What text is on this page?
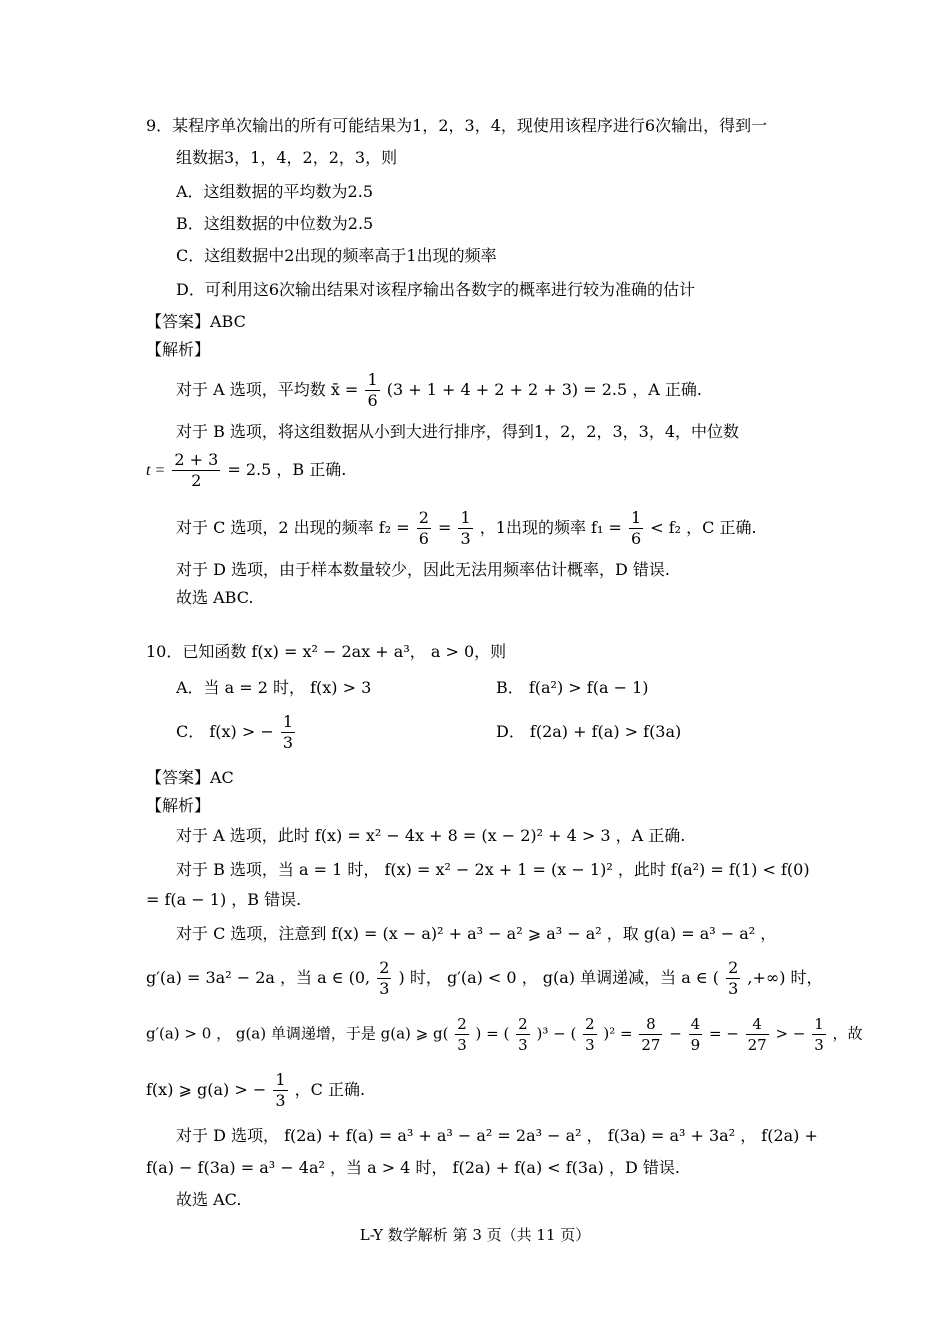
9．某程序单次输出的所有可能结果为1，2，3，4，现使用该程序进行6次输出，得到一
组数据3，1，4，2，2，3，则
A．这组数据的平均数为2.5
B．这组数据的中位数为2.5
C．这组数据中2出现的频率高于1出现的频率
D．可利用这6次输出结果对该程序输出各数字的概率进行较为准确的估计
【答案】ABC
【解析】
对于 A 选项，平均数 x̄ = $\frac{1}{6} (3 + 1 + 4 + 2 + 2 + 3) = 2.5$ ，A 正确.
对于 B 选项，将这组数据从小到大进行排序，得到1，2，2，3，3，4，中位数
$t = \frac{2 + 3}{2} = 2.5$ ，B 正确.
对于 C 选项，2 出现的频率 $f_2 = \frac{2}{6} = \frac{1}{3}$ ，1出现的频率 $f_1 = \frac{1}{6} < f_2$ ，C 正确.
对于 D 选项，由于样本数量较少，因此无法用频率估计概率，D 错误.
故选 ABC.
10．已知函数 f(x) = x² − 2ax + a³， a > 0，则
A．当 a = 2 时， f(x) > 3	B． f(a²) > f(a − 1)
C． f(x) > − $\frac{1}{3}$	D． f(2a) + f(a) > f(3a)
【答案】AC
【解析】
对于 A 选项，此时 f(x) = x² − 4x + 8 = (x − 2)² + 4 > 3 ，A 正确.
对于 B 选项，当 a = 1 时， f(x) = x² − 2x + 1 = (x − 1)² ，此时 f(a²) = f(1) < f(0)
= f(a − 1) ，B 错误.
对于 C 选项，注意到 f(x) = (x − a)² + a³ − a² ⩾ a³ − a² ，取 g(a) = a³ − a² ，
g′(a) = 3a² − 2a ，当 a ∈ (0, $\frac{2}{3}$ ) 时， g′(a) < 0 ， g(a) 单调递减，当 a ∈ ( $\frac{2}{3}$ ,+∞) 时，
g′(a) > 0 ， g(a) 单调递增，于是 g(a) ⩾ $g( \frac{2}{3}$ ) = ( $\frac{2}{3} )^3$ − ( $\frac{2}{3} )^2 = \frac{8}{27} - \frac{4}{9}$ = − $\frac{4}{27}$ > − $\frac{1}{3}$ ，故
f(x) ⩾ g(a) > − $\frac{1}{3}$ ，C 正确.
对于 D 选项， f(2a) + f(a) = a³ + a³ − a² = 2a³ − a² ， f(3a) = a³ + 3a² ， f(2a) +
f(a) − f(3a) = a³ − 4a² ，当 a > 4 时， f(2a) + f(a) < f(3a) ，D 错误.
故选 AC.
L-Y 数学解析 第 3 页（共 11 页）
